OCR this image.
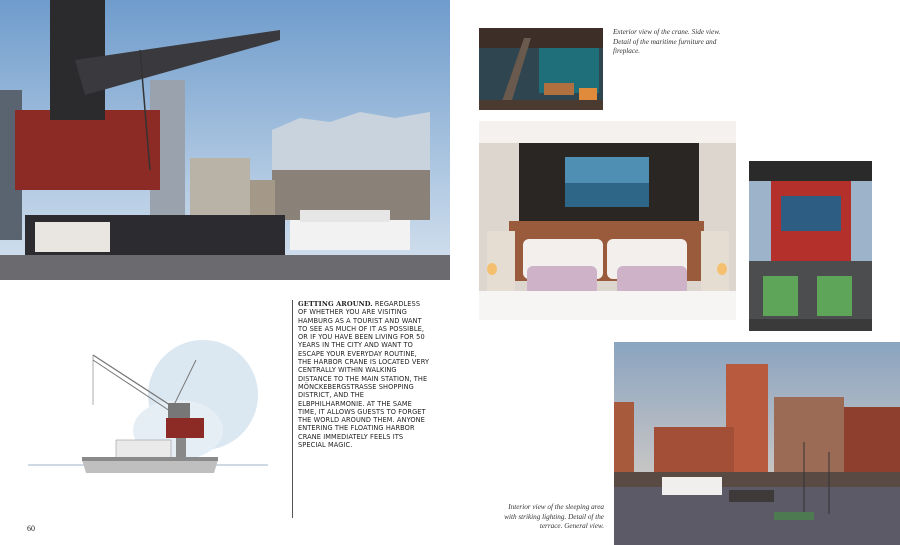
Exterior view of the crane. Side view. Detail of the maritime furniture and fireplace.
GETTING AROUND. REGARDLESS OF WHETHER YOU ARE VISITING HAMBURG AS A TOURIST AND WANT TO SEE AS MUCH OF IT AS POSSIBLE, OR IF YOU HAVE BEEN LIVING FOR 50 YEARS IN THE CITY AND WANT TO ESCAPE YOUR EVERYDAY ROUTINE, THE HARBOR CRANE IS LOCATED VERY CENTRALLY WITHIN WALKING DISTANCE TO THE MAIN STATION, THE MÖNCKEBERGSTRASSE SHOPPING DISTRICT, AND THE ELBPHILHARMONIE. AT THE SAME TIME, IT ALLOWS GUESTS TO FORGET THE WORLD AROUND THEM. ANYONE ENTERING THE FLOATING HARBOR CRANE IMMEDIATELY FEELS ITS SPECIAL MAGIC.
Interior view of the sleeping area with striking lighting. Detail of the terrace. General view.
60
